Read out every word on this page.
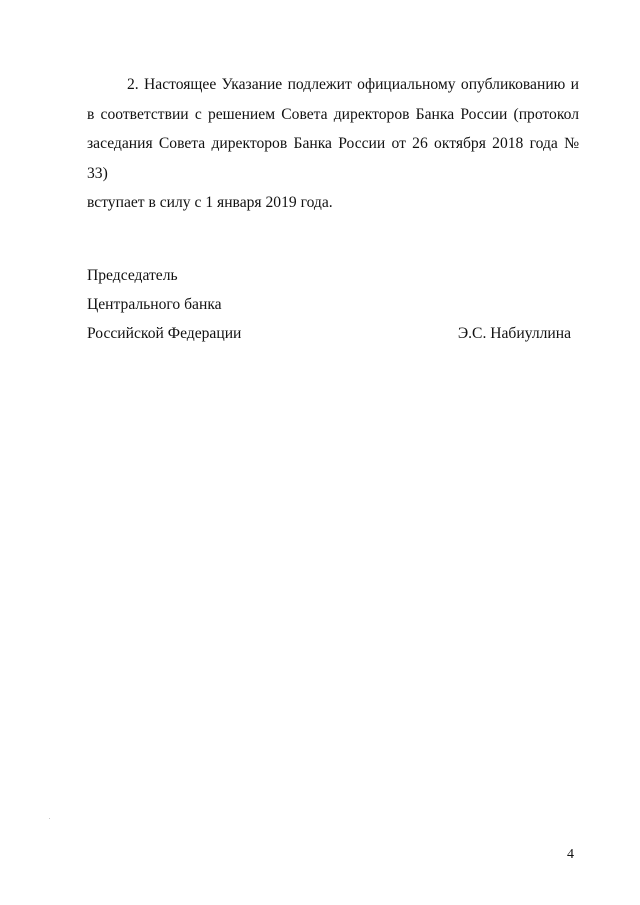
2. Настоящее Указание подлежит официальному опубликованию и
в соответствии с решением Совета директоров Банка России (протокол
заседания Совета директоров Банка России от 26 октября 2018 года № 33)
вступает в силу с 1 января 2019 года.
Председатель
Центрального банка
Российской Федерации	Э.С. Набиуллина
4
